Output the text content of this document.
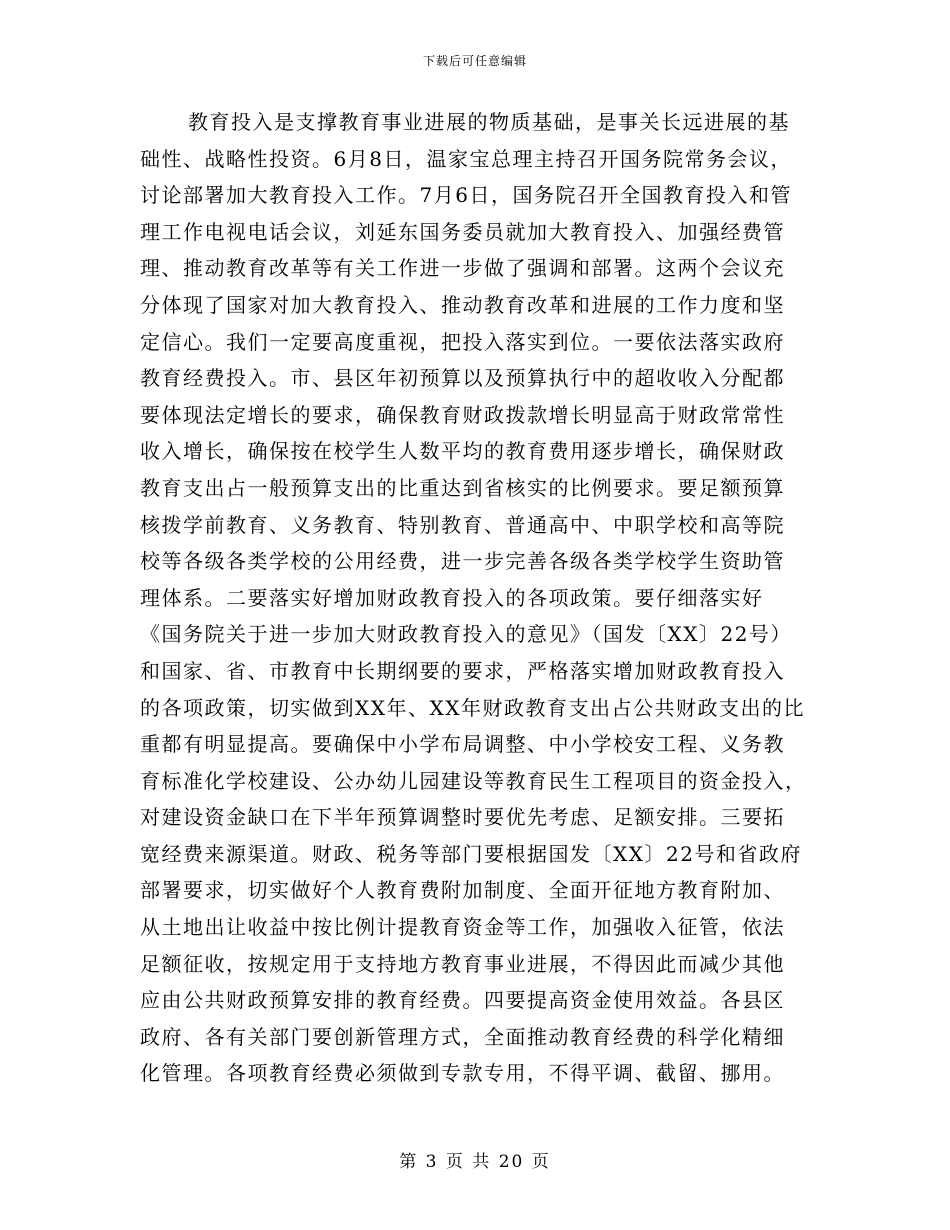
下载后可任意编辑
教育投入是支撑教育事业进展的物质基础，是事关长远进展的基
础性、战略性投资。6月8日，温家宝总理主持召开国务院常务会议，
讨论部署加大教育投入工作。7月6日，国务院召开全国教育投入和管
理工作电视电话会议，刘延东国务委员就加大教育投入、加强经费管
理、推动教育改革等有关工作进一步做了强调和部署。这两个会议充
分体现了国家对加大教育投入、推动教育改革和进展的工作力度和坚
定信心。我们一定要高度重视，把投入落实到位。一要依法落实政府
教育经费投入。市、县区年初预算以及预算执行中的超收收入分配都
要体现法定增长的要求，确保教育财政拨款增长明显高于财政常常性
收入增长，确保按在校学生人数平均的教育费用逐步增长，确保财政
教育支出占一般预算支出的比重达到省核实的比例要求。要足额预算
核拨学前教育、义务教育、特别教育、普通高中、中职学校和高等院
校等各级各类学校的公用经费，进一步完善各级各类学校学生资助管
理体系。二要落实好增加财政教育投入的各项政策。要仔细落实好
《国务院关于进一步加大财政教育投入的意见》（国发〔XX〕22号）
和国家、省、市教育中长期纲要的要求，严格落实增加财政教育投入
的各项政策，切实做到XX年、XX年财政教育支出占公共财政支出的比
重都有明显提高。要确保中小学布局调整、中小学校安工程、义务教
育标准化学校建设、公办幼儿园建设等教育民生工程项目的资金投入，
对建设资金缺口在下半年预算调整时要优先考虑、足额安排。三要拓
宽经费来源渠道。财政、税务等部门要根据国发〔XX〕22号和省政府
部署要求，切实做好个人教育费附加制度、全面开征地方教育附加、
从土地出让收益中按比例计提教育资金等工作，加强收入征管，依法
足额征收，按规定用于支持地方教育事业进展，不得因此而减少其他
应由公共财政预算安排的教育经费。四要提高资金使用效益。各县区
政府、各有关部门要创新管理方式，全面推动教育经费的科学化精细
化管理。各项教育经费必须做到专款专用，不得平调、截留、挪用。
第 3 页 共 20 页
